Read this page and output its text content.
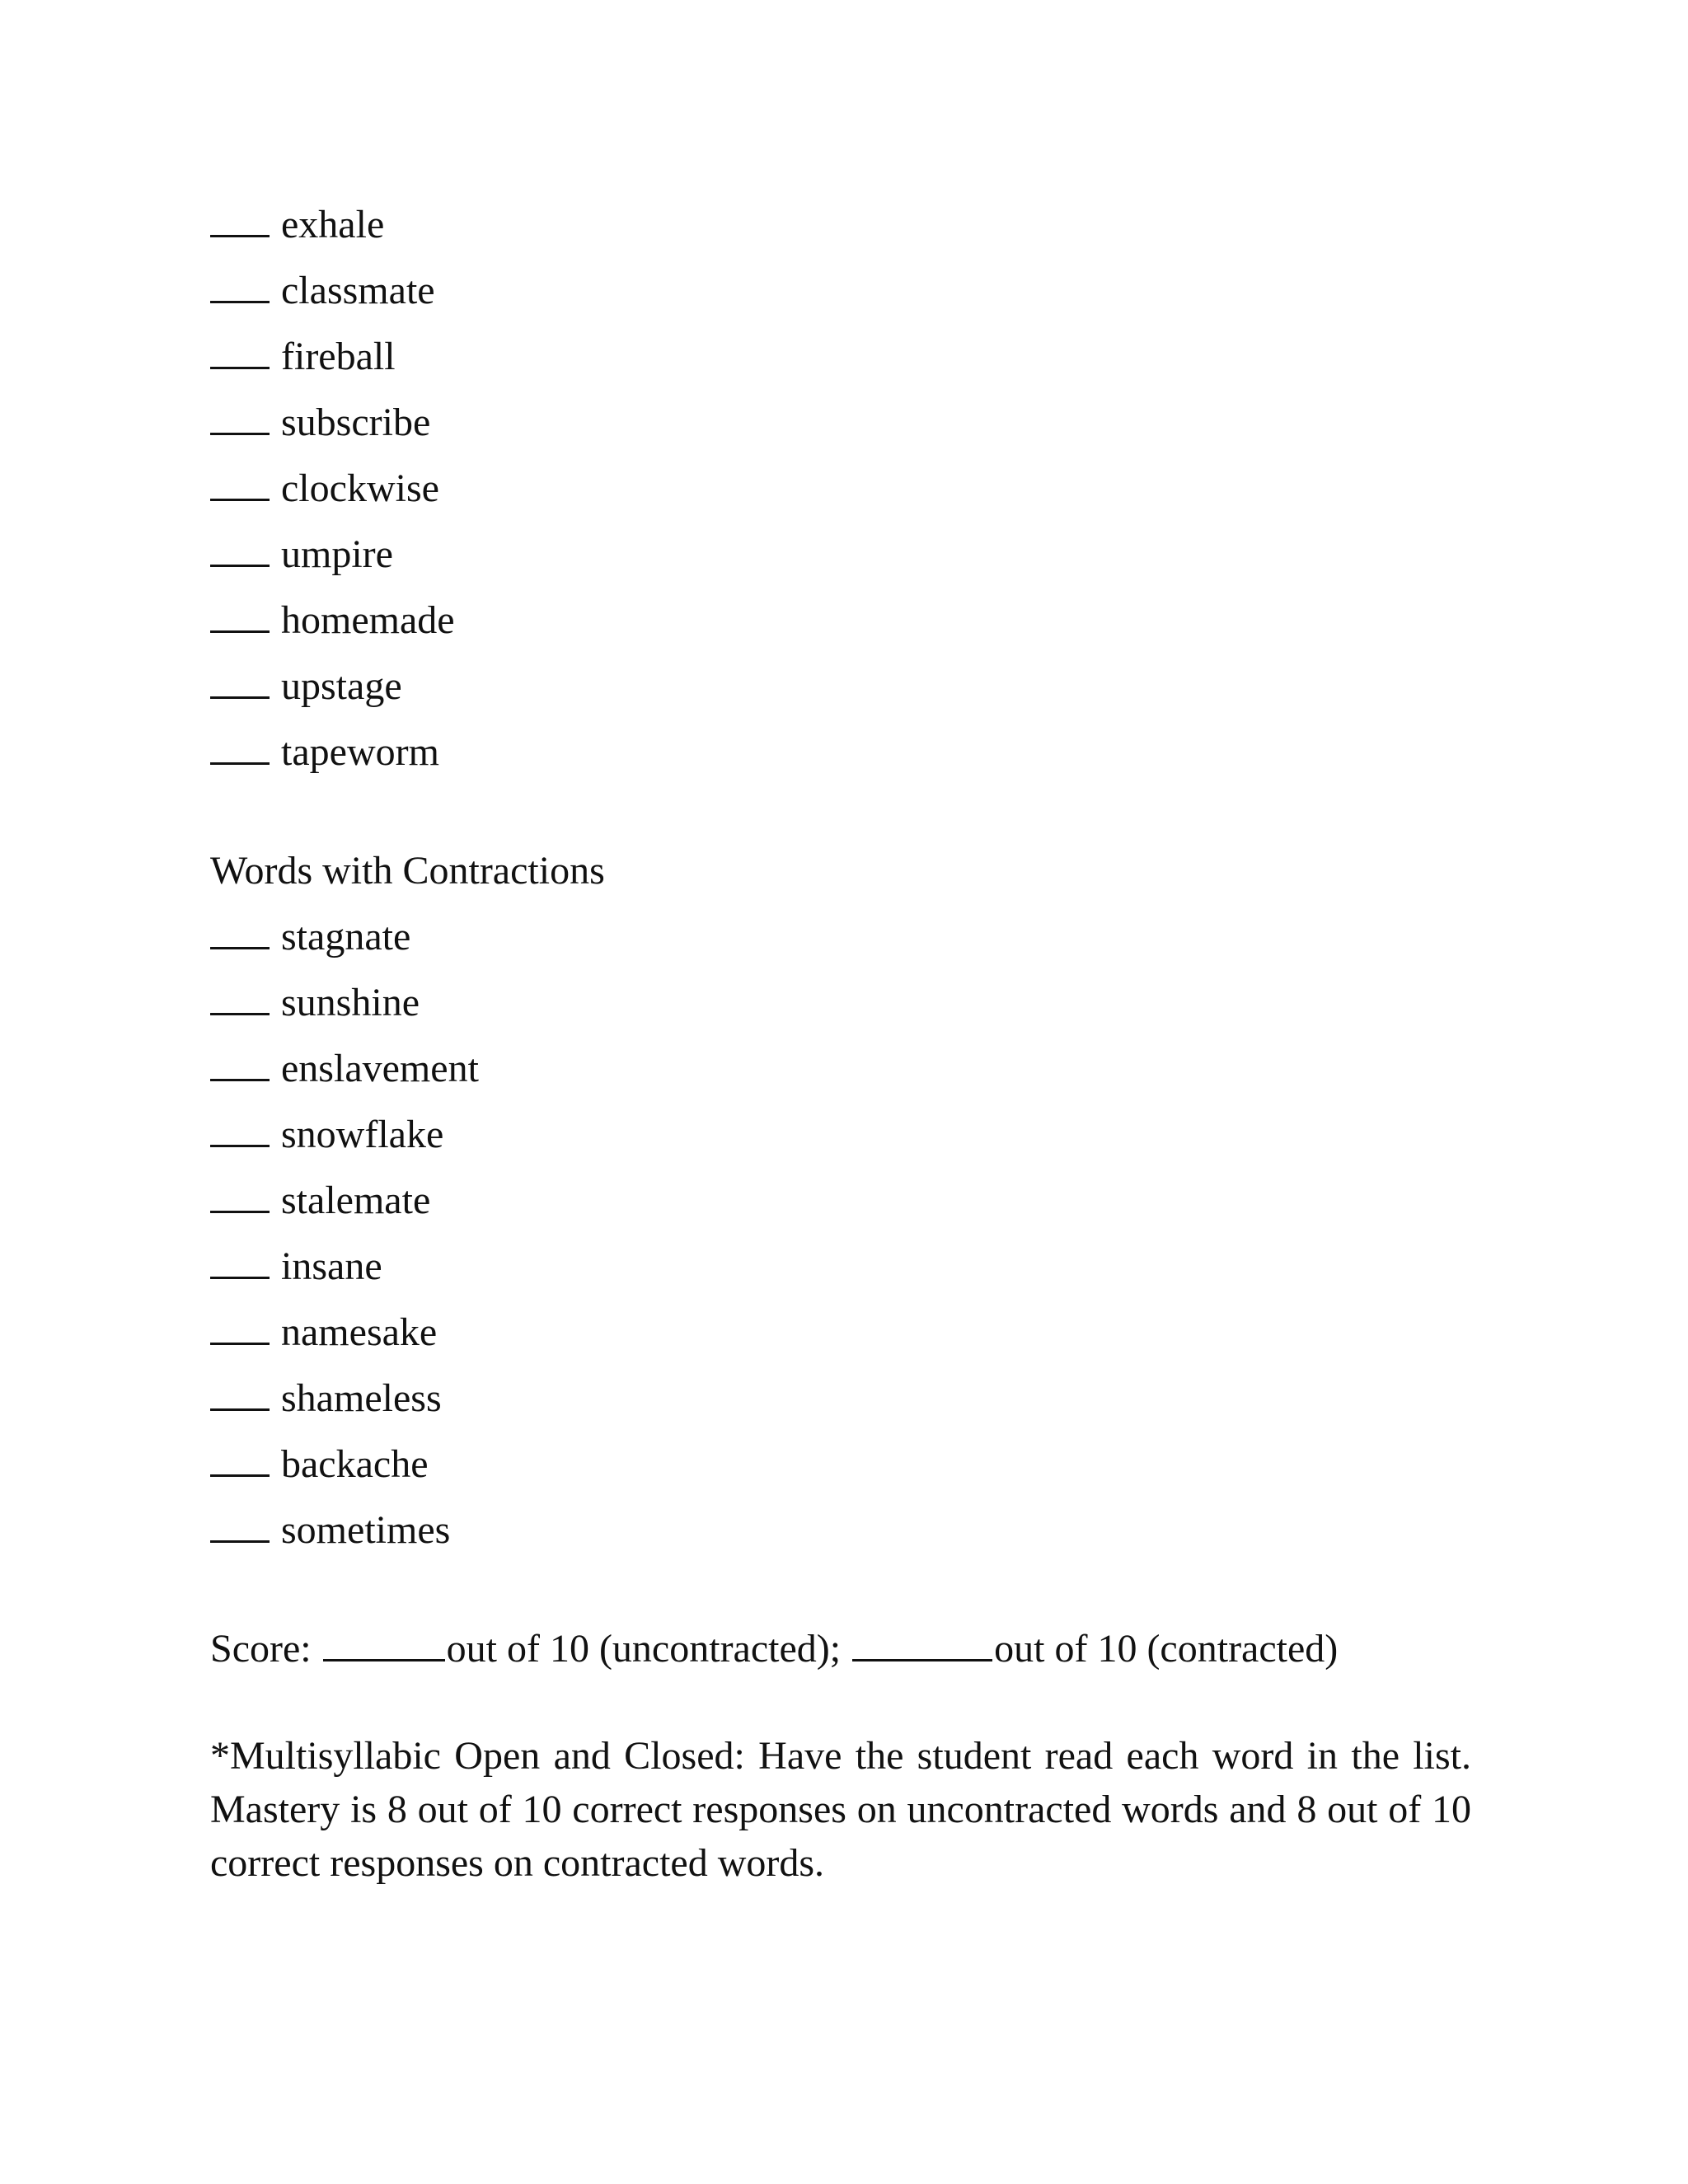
exhale
classmate
fireball
subscribe
clockwise
umpire
homemade
upstage
tapeworm
Words with Contractions
stagnate
sunshine
enslavement
snowflake
stalemate
insane
namesake
shameless
backache
sometimes
Score:	out of 10 (uncontracted);	out of 10 (contracted)

*Multisyllabic Open and Closed: Have the student read each word in the list. Mastery is 8 out of 10 correct responses on uncontracted words and 8 out of 10 correct responses on contracted words.
